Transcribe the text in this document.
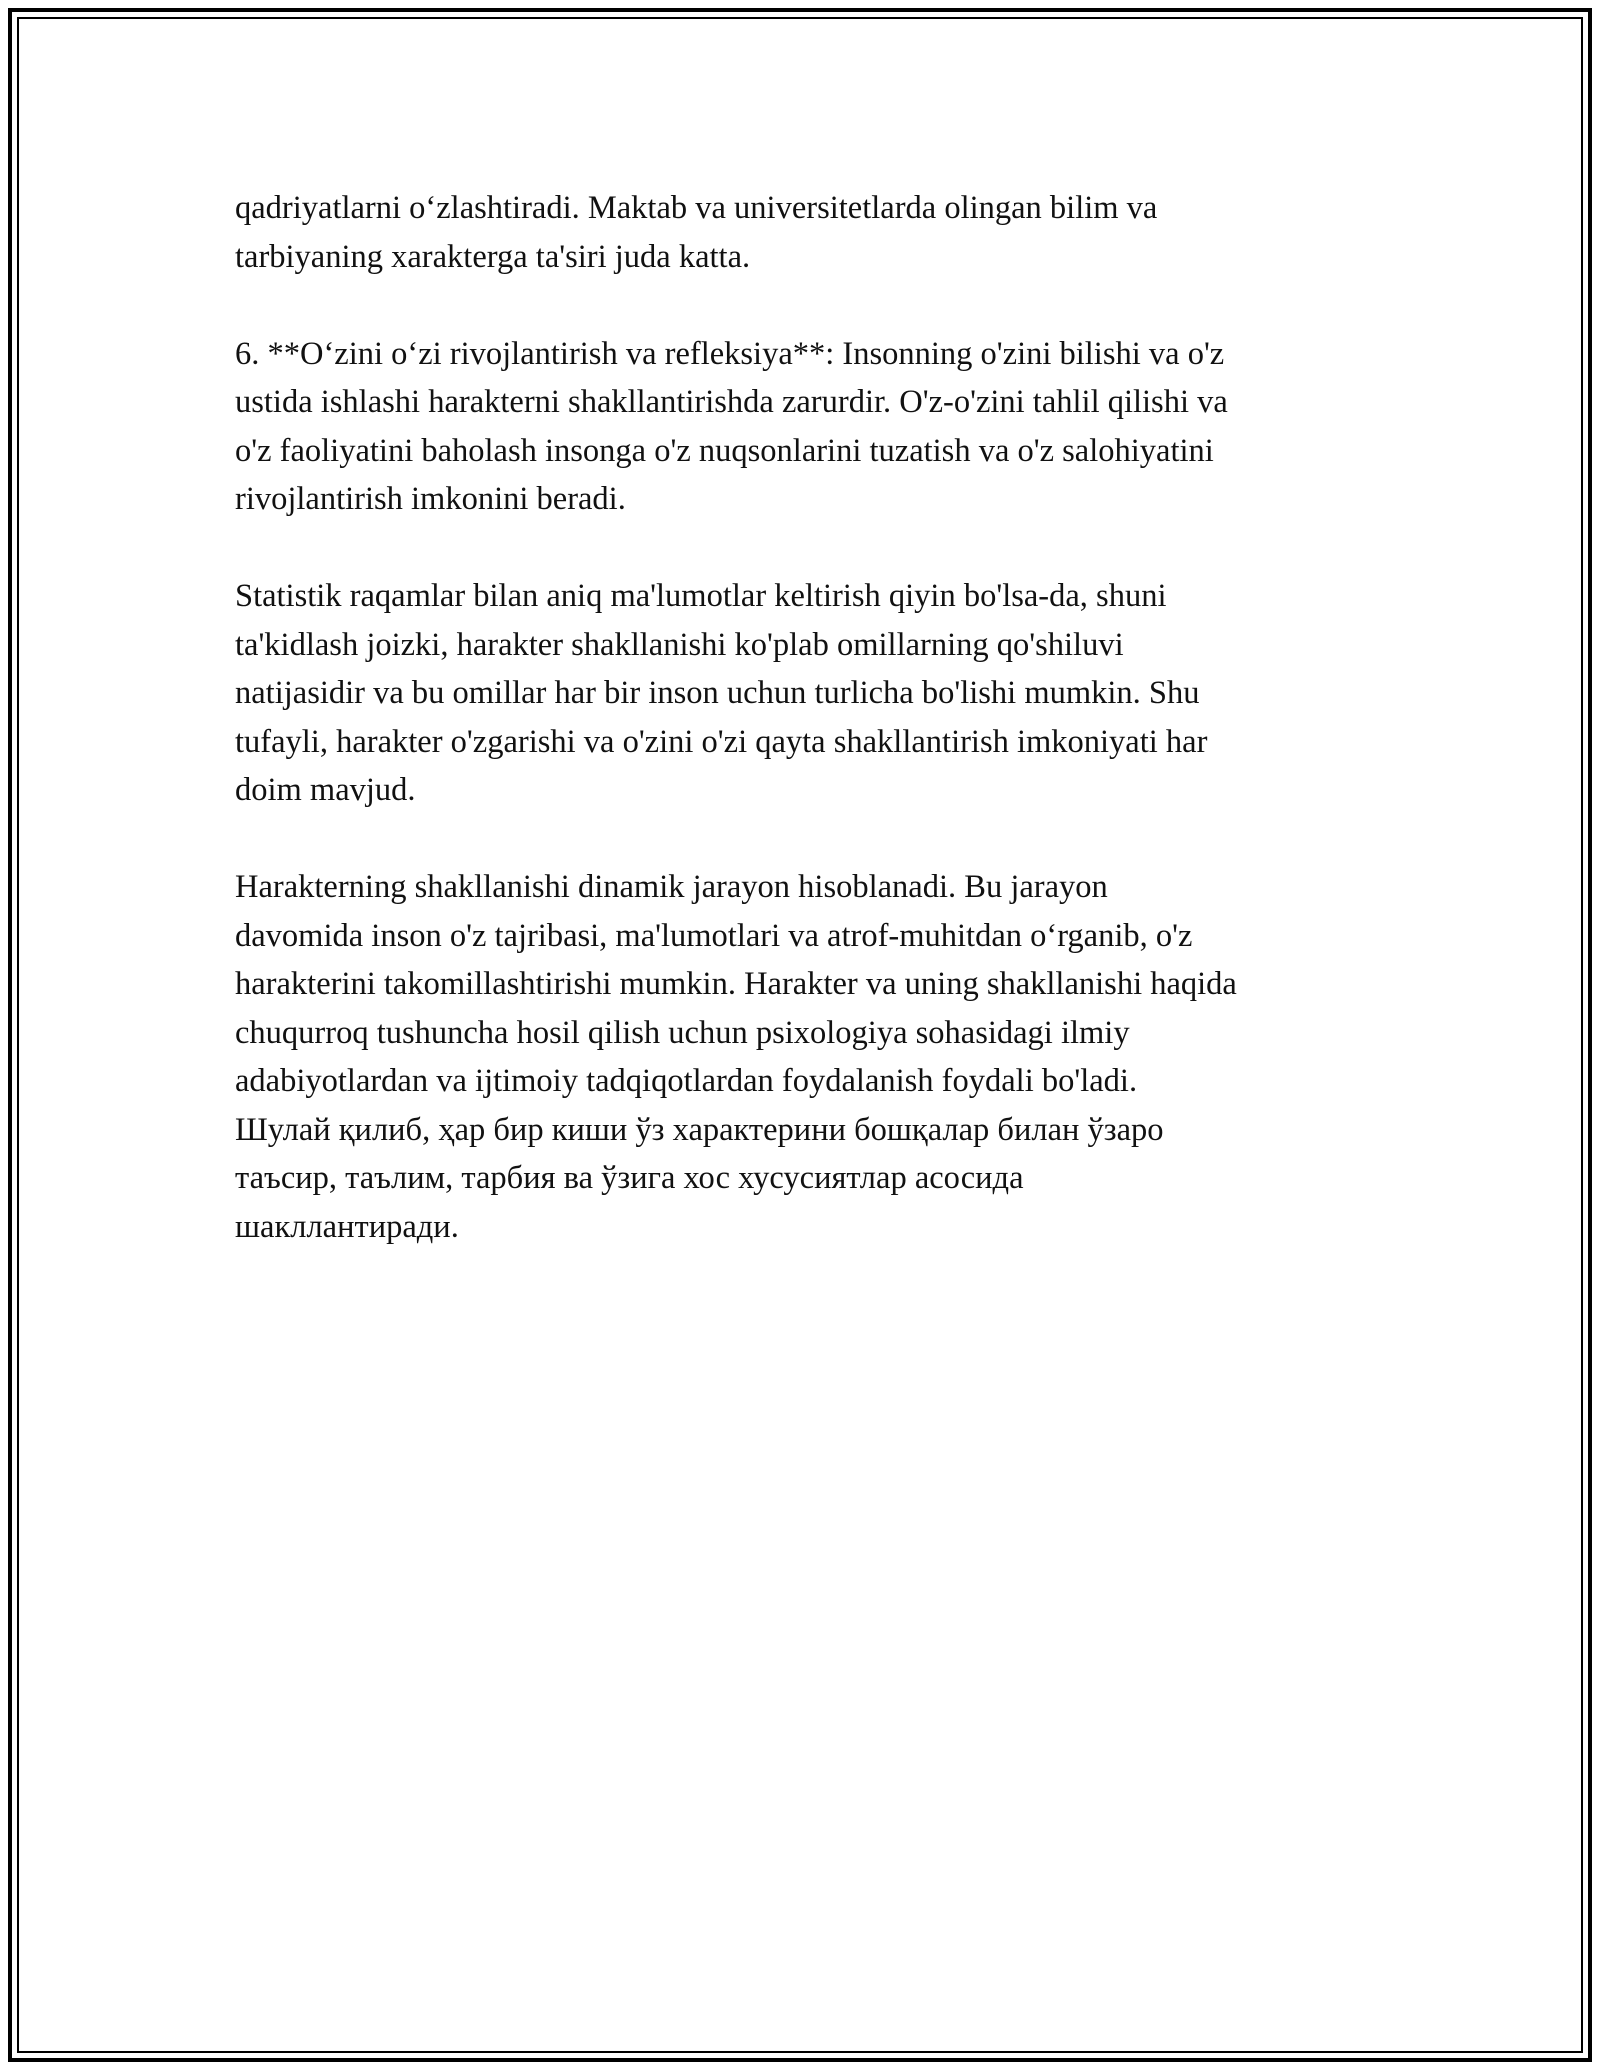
qadriyatlarni o‘zlashtiradi. Maktab va universitetlarda olingan bilim va
tarbiyaning xarakterga ta'siri juda katta.

6. **O‘zini o‘zi rivojlantirish va refleksiya**: Insonning o'zini bilishi va o'z
ustida ishlashi harakterni shakllantirishda zarurdir. O'z-o'zini tahlil qilishi va
o'z faoliyatini baholash insonga o'z nuqsonlarini tuzatish va o'z salohiyatini
rivojlantirish imkonini beradi.

Statistik raqamlar bilan aniq ma'lumotlar keltirish qiyin bo'lsa-da, shuni
ta'kidlash joizki, harakter shakllanishi ko'plab omillarning qo'shiluvi
natijasidir va bu omillar har bir inson uchun turlicha bo'lishi mumkin. Shu
tufayli, harakter o'zgarishi va o'zini o'zi qayta shakllantirish imkoniyati har
doim mavjud.

Harakterning shakllanishi dinamik jarayon hisoblanadi. Bu jarayon
davomida inson o'z tajribasi, ma'lumotlari va atrof-muhitdan o‘rganib, o'z
harakterini takomillashtirishi mumkin. Harakter va uning shakllanishi haqida
chuqurroq tushuncha hosil qilish uchun psixologiya sohasidagi ilmiy
adabiyotlardan va ijtimoiy tadqiqotlardan foydalanish foydali bo'ladi.
Шулай қилиб, ҳар бир киши ўз характерини бошқалар билан ўзаро
таъсир, таълим, тарбия ва ўзига хос хусусиятлар асосида
шакллантиради.
